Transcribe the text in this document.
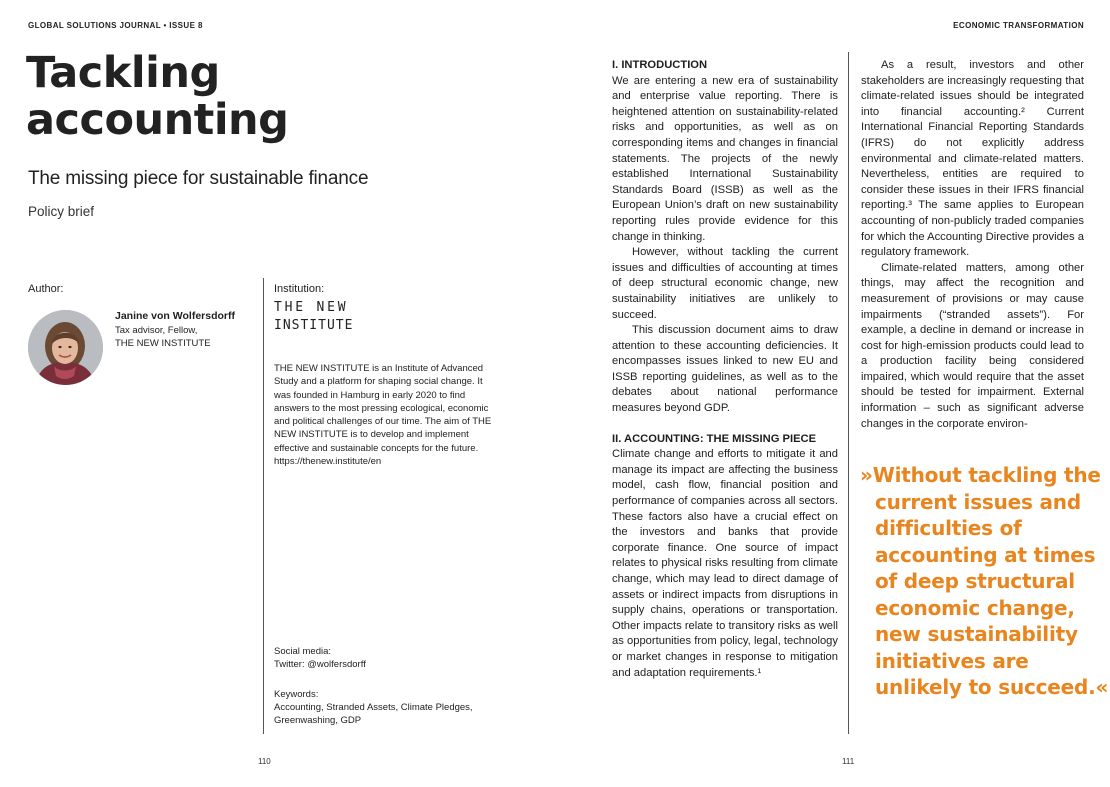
GLOBAL SOLUTIONS JOURNAL • ISSUE 8	ECONOMIC TRANSFORMATION
Tackling
accounting
The missing piece for sustainable finance
Policy brief
Author:
Janine von Wolfersdorff
Tax advisor, Fellow,
THE NEW INSTITUTE
Institution:
THE NEW
INSTITUTE
THE NEW INSTITUTE is an Institute of Advanced Study and a platform for shaping social change. It was founded in Hamburg in early 2020 to find answers to the most pressing ecological, economic and political challenges of our time. The aim of THE NEW INSTITUTE is to develop and implement effective and sustainable concepts for the future.
https://thenew.institute/en
Social media:
Twitter: @wolfersdorff
Keywords:
Accounting, Stranded Assets, Climate Pledges, Greenwashing, GDP
110	111
I. INTRODUCTION

We are entering a new era of sustainability and enterprise value reporting. There is heightened attention on sustainability-related risks and opportunities, as well as on corresponding items and changes in financial statements. The projects of the newly established International Sustainability Standards Board (ISSB) as well as the European Union’s draft on new sustainability reporting rules provide evidence for this change in thinking.

However, without tackling the current issues and difficulties of accounting at times of deep structural economic change, new sustainability initiatives are unlikely to succeed.

This discussion document aims to draw attention to these accounting deficiencies. It encompasses issues linked to new EU and ISSB reporting guidelines, as well as to the debates about national performance measures beyond GDP.

II. ACCOUNTING: THE MISSING PIECE

Climate change and efforts to mitigate it and manage its impact are affecting the business model, cash flow, financial position and performance of companies across all sectors. These factors also have a crucial effect on the investors and banks that provide corporate finance. One source of impact relates to physical risks resulting from climate change, which may lead to direct damage of assets or indirect impacts from disruptions in supply chains, operations or transportation. Other impacts relate to transitory risks as well as opportunities from policy, legal, technology or market changes in response to mitigation and adaptation requirements.¹

As a result, investors and other stakeholders are increasingly requesting that climate-related issues should be integrated into financial accounting.² Current International Financial Reporting Standards (IFRS) do not explicitly address environmental and climate-related matters. Nevertheless, entities are required to consider these issues in their IFRS financial reporting.³ The same applies to European accounting of non-publicly traded companies for which the Accounting Directive provides a regulatory framework.

Climate-related matters, among other things, may affect the recognition and measurement of provisions or may cause impairments (“stranded assets”). For example, a decline in demand or increase in cost for high-emission products could lead to a production facility being considered impaired, which would require that the asset should be tested for impairment. External information – such as significant adverse changes in the corporate environ-

»Without tackling the current issues and difficulties of accounting at times of deep structural economic change, new sustainability initiatives are unlikely to succeed.«
